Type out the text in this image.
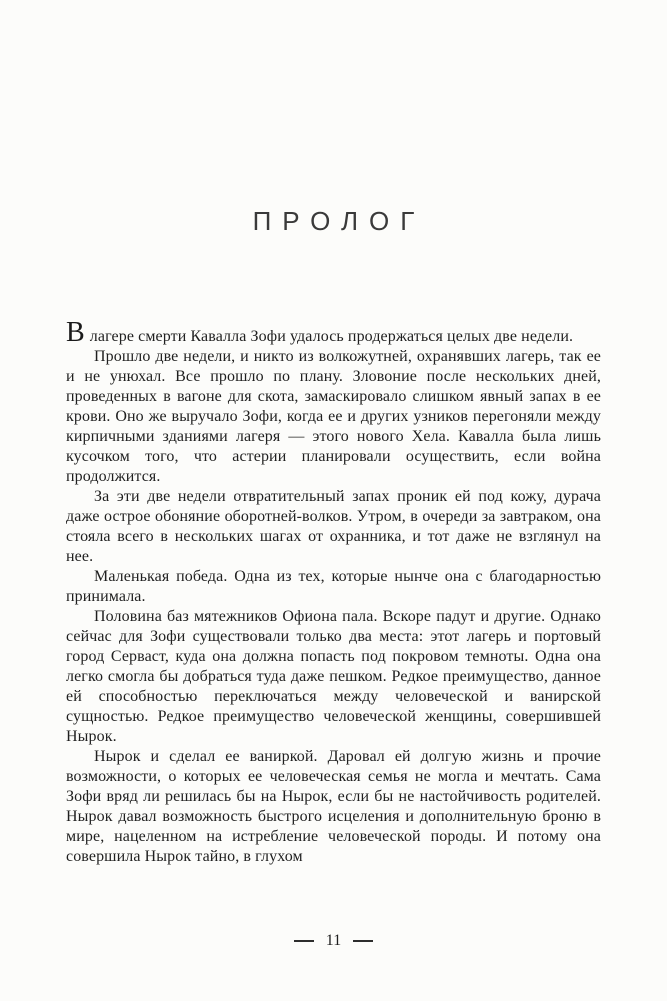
ПРОЛОГ

Влагере смерти Кавалла Зофи удалось продержаться целых две недели.

Прошло две недели, и никто из волкожутней, охранявших лагерь, так ее и не унюхал. Все прошло по плану. Зловоние после нескольких дней, проведенных в вагоне для скота, замаскировало слишком явный запах в ее крови. Оно же выручало Зофи, когда ее и других узников перегоняли между кирпичными зданиями лагеря — этого нового Хела. Кавалла была лишь кусочком того, что астерии планировали осуществить, если война продолжится.

За эти две недели отвратительный запах проник ей под кожу, дурача даже острое обоняние оборотней-волков. Утром, в очереди за завтраком, она стояла всего в нескольких шагах от охранника, и тот даже не взглянул на нее.

Маленькая победа. Одна из тех, которые нынче она с благодарностью принимала.

Половина баз мятежников Офиона пала. Вскоре падут и другие. Однако сейчас для Зофи существовали только два места: этот лагерь и портовый город Серваст, куда она должна попасть под покровом темноты. Одна она легко смогла бы добраться туда даже пешком. Редкое преимущество, данное ей способностью переключаться между человеческой и ванирской сущностью. Редкое преимущество человеческой женщины, совершившей Нырок.

Нырок и сделал ее ваниркой. Даровал ей долгую жизнь и прочие возможности, о которых ее человеческая семья не могла и мечтать. Сама Зофи вряд ли решилась бы на Нырок, если бы не настойчивость родителей. Нырок давал возможность быстрого исцеления и дополнительную броню в мире, нацеленном на истребление человеческой породы. И потому она совершила Нырок тайно, в глухом

11
